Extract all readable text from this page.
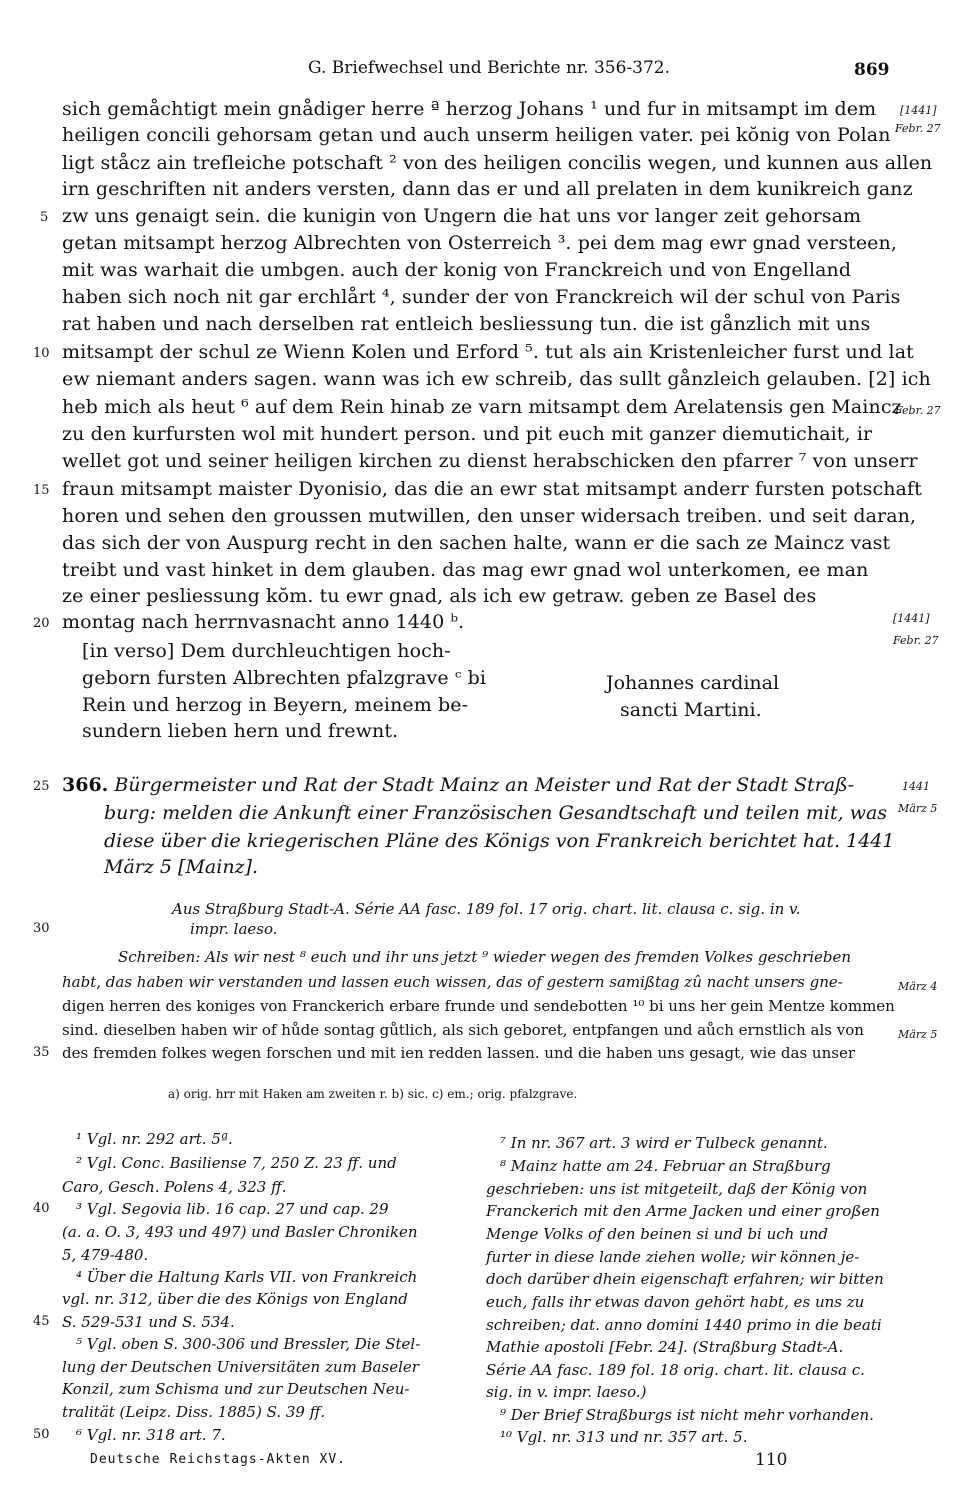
G. Briefwechsel und Berichte nr. 356-372.	869
sich gemåchtigt mein gnådiger herre ª herzog Johans ¹ und fur in mitsampt im dem
heiligen concili gehorsam getan und auch unserm heiligen vater. pei kŏnig von Polan
ligt ståcz ain trefleiche potschaft ² von des heiligen concilis wegen, und kunnen aus allen
irn geschriften nit anders versten, dann das er und all prelaten in dem kunikreich ganz
zw uns genaigt sein. die kunigin von Ungern die hat uns vor langer zeit gehorsam
getan mitsampt herzog Albrechten von Osterreich ³. pei dem mag ewr gnad versteen,
mit was warhait die umbgen. auch der konig von Franckreich und von Engelland
haben sich noch nit gar erchlårt ⁴, sunder der von Franckreich wil der schul von Paris
rat haben und nach derselben rat entleich besliessung tun. die ist gånzlich mit uns
mitsampt der schul ze Wienn Kolen und Erford ⁵. tut als ain Kristenleicher furst und lat
ew niemant anders sagen. wann was ich ew schreib, das sullt gånzleich gelauben. [2] ich
heb mich als heut ⁶ auf dem Rein hinab ze varn mitsampt dem Arelatensis gen Maincz
zu den kurfursten wol mit hundert person. und pit euch mit ganzer diemutichait, ir
wellet got und seiner heiligen kirchen zu dienst herabschicken den pfarrer ⁷ von unserr
fraun mitsampt maister Dyonisio, das die an ewr stat mitsampt anderr fursten potschaft
horen und sehen den groussen mutwillen, den unser widersach treiben. und seit daran,
das sich der von Auspurg recht in den sachen halte, wann er die sach ze Maincz vast
treibt und vast hinket in dem glauben. das mag ewr gnad wol unterkomen, ee man
ze einer pesliessung kŏm. tu ewr gnad, als ich ew getraw. geben ze Basel des
montag nach herrnvasnacht anno 1440 ᵇ.
5
10
15
20
[1441]
Febr. 27
Febr. 27
[1441]
Febr. 27
[in verso] Dem durchleuchtigen hoch-
geborn fursten Albrechten pfalzgrave ᶜ bi
Rein und herzog in Beyern, meinem be-
sundern lieben hern und frewnt.
Johannes cardinal
sancti Martini.
25 366. Bürgermeister und Rat der Stadt Mainz an Meister und Rat der Stadt Straß-
burg: melden die Ankunft einer Französischen Gesandtschaft und teilen mit, was
diese über die kriegerischen Pläne des Königs von Frankreich berichtet hat. 1441
März 5 [Mainz].
1441
März 5
Aus Straßburg Stadt-A. Série AA fasc. 189 fol. 17 orig. chart. lit. clausa c. sig. in v.
30	impr. laeso.
Schreiben: Als wir nest ⁸ euch und ihr uns jetzt ⁹ wieder wegen des fremden Volkes geschrieben
habt, das haben wir verstanden und lassen euch wissen, das of gestern samißtag zû nacht unsers gne-
digen herren des koniges von Franckerich erbare frunde und sendebotten ¹⁰ bi uns her gein Mentze kommen
sind. dieselben haben wir of hůde sontag gůtlich, als sich geboret, entpfangen und aůch ernstlich als von
35 des fremden folkes wegen forschen und mit ien redden lassen. und die haben uns gesagt, wie das unser
März 4
März 5
a) orig. hrr mit Haken am zweiten r. b) sic. c) em.; orig. pfalzgrave.
¹ Vgl. nr. 292 art. 5ª.
² Vgl. Conc. Basiliense 7, 250 Z. 23 ff. und
Caro, Gesch. Polens 4, 323 ff.
³ Vgl. Segovia lib. 16 cap. 27 und cap. 29
(a. a. O. 3, 493 und 497) und Basler Chroniken
5, 479-480.
⁴ Über die Haltung Karls VII. von Frankreich
vgl. nr. 312, über die des Königs von England
S. 529-531 und S. 534.
⁵ Vgl. oben S. 300-306 und Bressler, Die Stel-
lung der Deutschen Universitäten zum Baseler
Konzil, zum Schisma und zur Deutschen Neu-
tralität (Leipz. Diss. 1885) S. 39 ff.
⁶ Vgl. nr. 318 art. 7.
40
45
50
⁷ In nr. 367 art. 3 wird er Tulbeck genannt.
⁸ Mainz hatte am 24. Februar an Straßburg
geschrieben: uns ist mitgeteilt, daß der König von
Franckerich mit den Arme Jacken und einer großen
Menge Volks of den beinen si und bi uch und
furter in diese lande ziehen wolle; wir können je-
doch darüber dhein eigenschaft erfahren; wir bitten
euch, falls ihr etwas davon gehört habt, es uns zu
schreiben; dat. anno domini 1440 primo in die beati
Mathie apostoli [Febr. 24]. (Straßburg Stadt-A.
Série AA fasc. 189 fol. 18 orig. chart. lit. clausa c.
sig. in v. impr. laeso.)
⁹ Der Brief Straßburgs ist nicht mehr vorhanden.
¹⁰ Vgl. nr. 313 und nr. 357 art. 5.
Deutsche Reichstags-Akten XV.	110
